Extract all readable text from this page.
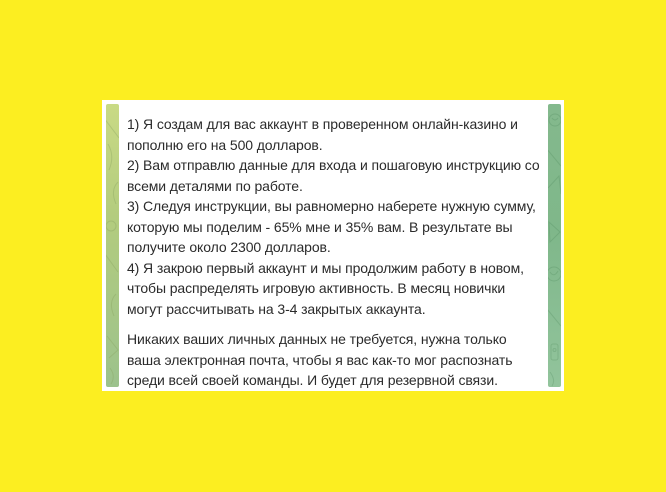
1) Я создам для вас аккаунт в проверенном онлайн-казино и
пополню его на 500 долларов.
2) Вам отправлю данные для входа и пошаговую инструкцию со
всеми деталями по работе.
3) Следуя инструкции, вы равномерно наберете нужную сумму,
которую мы поделим - 65% мне и 35% вам. В результате вы
получите около 2300 долларов.
4) Я закрою первый аккаунт и мы продолжим работу в новом,
чтобы распределять игровую активность. В месяц новички
могут рассчитывать на 3-4 закрытых аккаунта.
Никаких ваших личных данных не требуется, нужна только
ваша электронная почта, чтобы я вас как-то мог распознать
среди всей своей команды. И будет для резервной связи.
